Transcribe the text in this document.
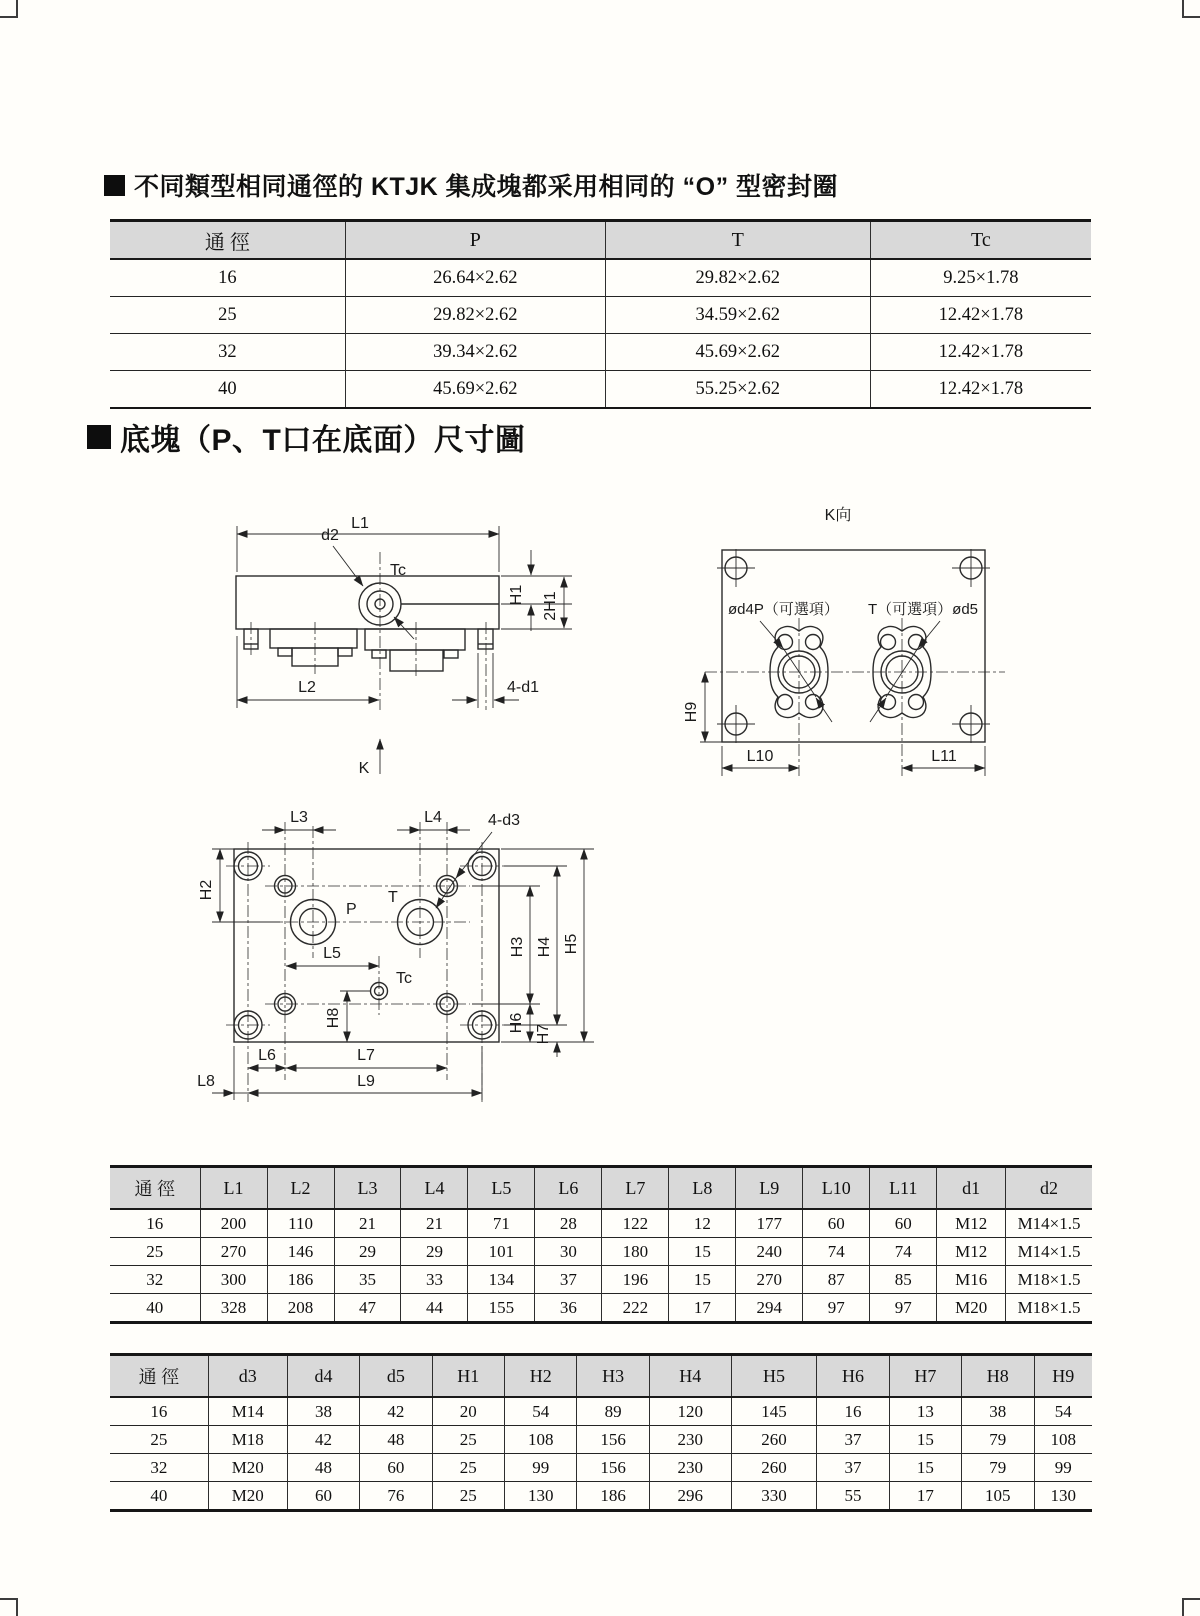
不同類型相同通徑的 KTJK 集成塊都采用相同的 “O” 型密封圈
通 徑	P	T	Tc
16	26.64×2.62	29.82×2.62	9.25×1.78
25	29.82×2.62	34.59×2.62	12.42×1.78
32	39.34×2.62	45.69×2.62	12.42×1.78
40	45.69×2.62	55.25×2.62	12.42×1.78
底塊（P、T口在底面）尺寸圖
L1
d2
Tc
H1 2H1
L2	4-d1
K
K向
ød4P（可選項） T（可選項）ød5
H9
L10	L11
L3	L4	4-d3
H2
P
T
Tc
L5
H8
H3 H4 H5
H6
H7
L6	L7
L8	L9
通 徑	L1	L2	L3	L4	L5	L6	L7	L8	L9	L10	L11	d1	d2
16	200	110	21	21	71	28	122	12	177	60	60	M12	M14×1.5
25	270	146	29	29	101	30	180	15	240	74	74	M12	M14×1.5
32	300	186	35	33	134	37	196	15	270	87	85	M16	M18×1.5
40	328	208	47	44	155	36	222	17	294	97	97	M20	M18×1.5
通 徑	d3	d4	d5	H1	H2	H3	H4	H5	H6	H7	H8	H9
16	M14	38	42	20	54	89	120	145	16	13	38	54
25	M18	42	48	25	108	156	230	260	37	15	79	108
32	M20	48	60	25	99	156	230	260	37	15	79	99
40	M20	60	76	25	130	186	296	330	55	17	105	130
